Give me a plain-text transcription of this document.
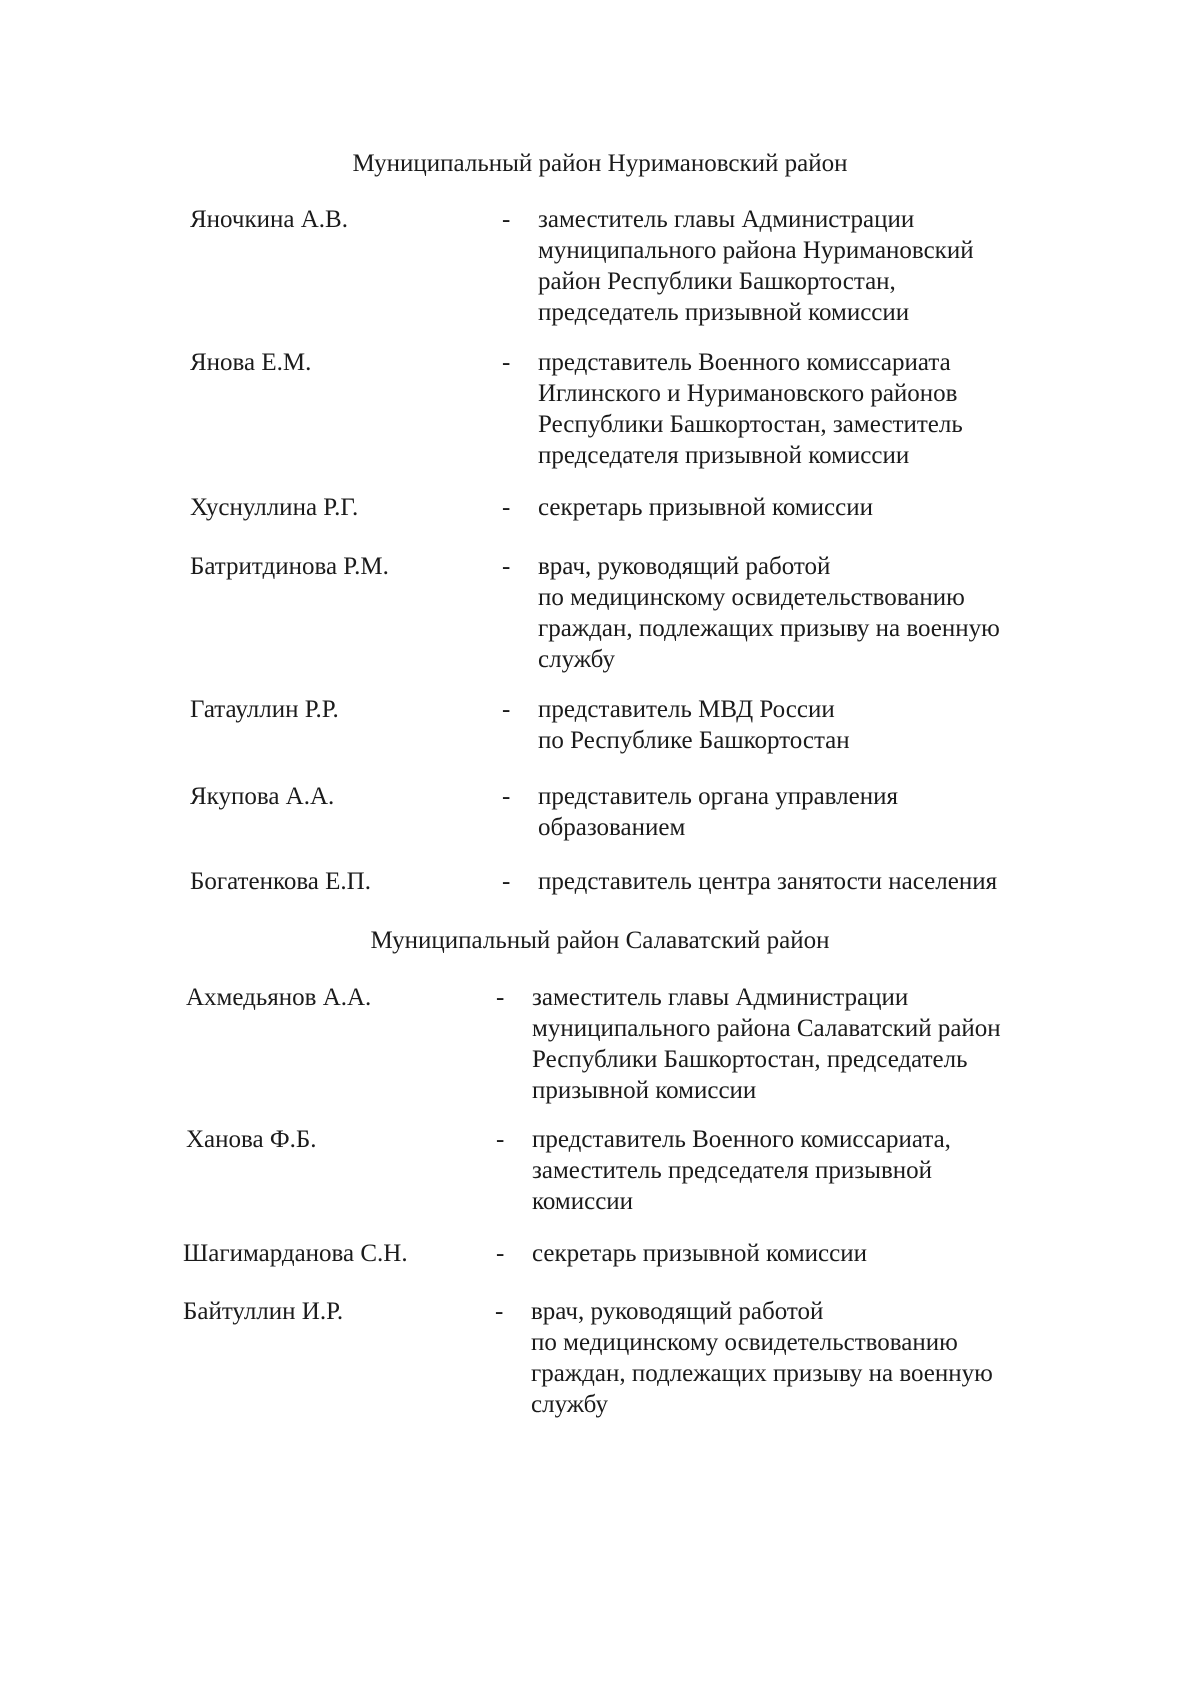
Муниципальный район Нуримановский район
Яночкина А.В.	- заместитель главы Администрации
муниципального района Нуримановский
район Республики Башкортостан,
председатель призывной комиссии
Янова Е.М.	- представитель Военного комиссариата
Иглинского и Нуримановского районов
Республики Башкортостан, заместитель
председателя призывной комиссии
Хуснуллина Р.Г.	- секретарь призывной комиссии
Батритдинова Р.М.	- врач, руководящий работой
по медицинскому освидетельствованию
граждан, подлежащих призыву на военную
службу
Гатауллин Р.Р.	- представитель МВД России
по Республике Башкортостан
Якупова А.А.	- представитель органа управления
образованием
Богатенкова Е.П.	- представитель центра занятости населения
Муниципальный район Салаватский район
Ахмедьянов А.А.	- заместитель главы Администрации
муниципального района Салаватский район
Республики Башкортостан, председатель
призывной комиссии
Ханова Ф.Б.	- представитель Военного комиссариата,
заместитель председателя призывной
комиссии
Шагимарданова С.Н.	- секретарь призывной комиссии
Байтуллин И.Р.	- врач, руководящий работой
по медицинскому освидетельствованию
граждан, подлежащих призыву на военную
службу
